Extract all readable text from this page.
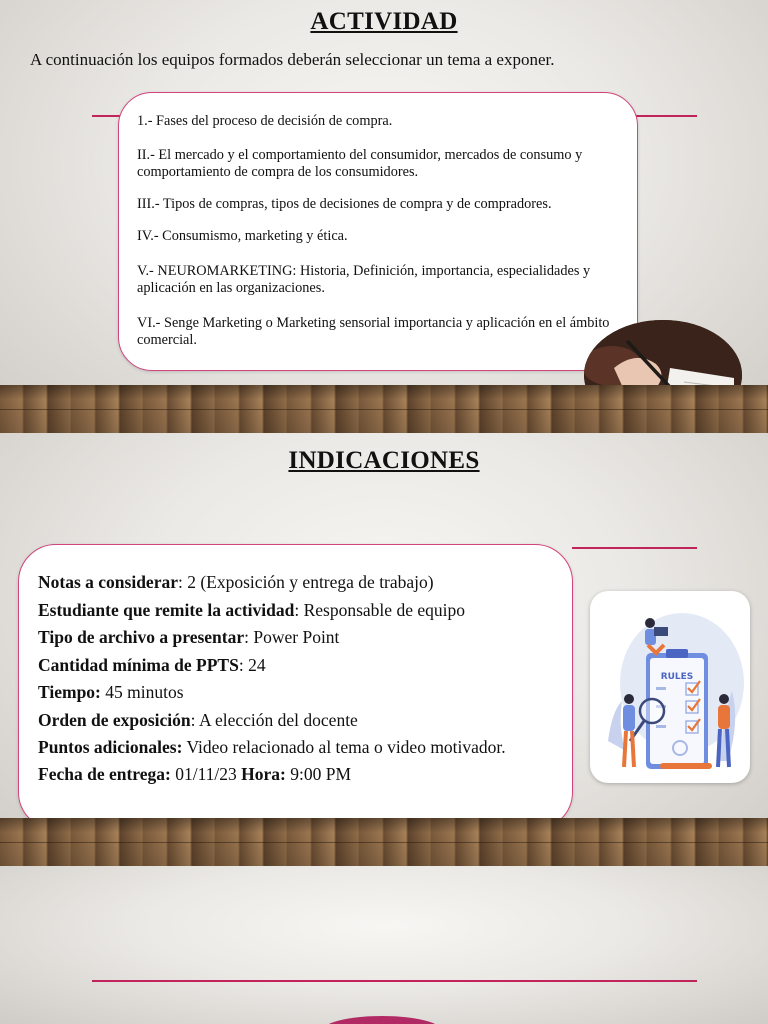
ACTIVIDAD
A continuación los equipos formados deberán seleccionar un tema a exponer.

1.- Fases del proceso de decisión de compra.

II.- El mercado y el comportamiento del consumidor, mercados de consumo y comportamiento de compra de los consumidores.

III.- Tipos de compras, tipos de decisiones de compra y de compradores.

IV.- Consumismo, marketing y ética.

V.- NEUROMARKETING: Historia, Definición, importancia, especialidades y aplicación en las organizaciones.

VI.- Senge Marketing o Marketing sensorial importancia y aplicación en el ámbito comercial.

INDICACIONES

Notas a considerar: 2 (Exposición y entrega de trabajo)

Estudiante que remite la actividad: Responsable de equipo

Tipo de archivo a presentar: Power Point

Cantidad mínima de PPTS: 24

Tiempo: 45 minutos

Orden de exposición: A elección del docente

Puntos adicionales: Video relacionado al tema o video motivador.

Fecha de entrega: 01/11/23 Hora: 9:00 PM

RULES
